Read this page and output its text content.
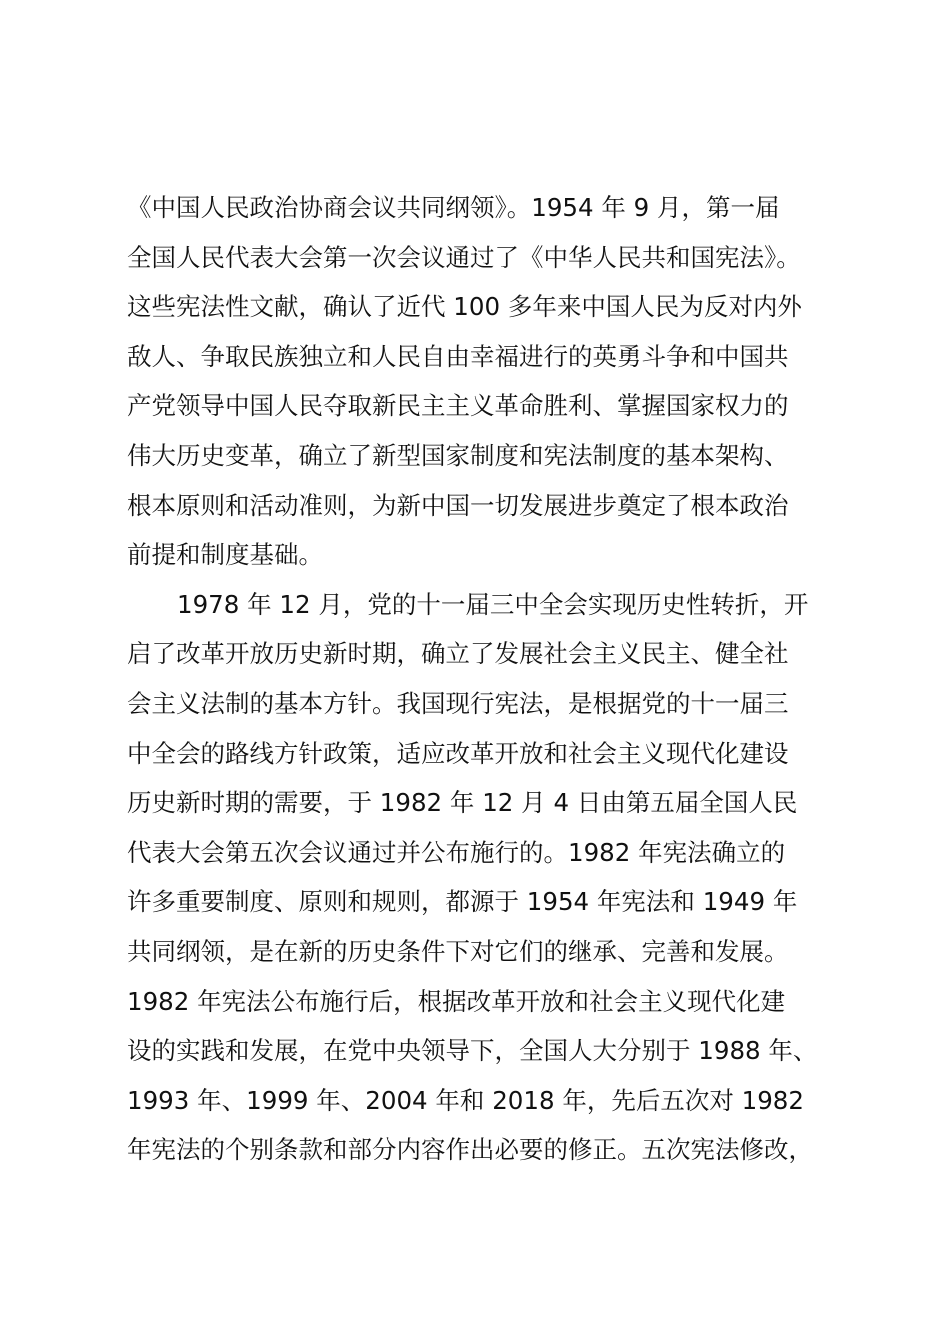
《中国人民政治协商会议共同纲领》。1954 年 9 月，第一届
全国人民代表大会第一次会议通过了《中华人民共和国宪法》。
这些宪法性文献，确认了近代 100 多年来中国人民为反对内外
敌人、争取民族独立和人民自由幸福进行的英勇斗争和中国共
产党领导中国人民夺取新民主主义革命胜利、掌握国家权力的
伟大历史变革，确立了新型国家制度和宪法制度的基本架构、
根本原则和活动准则，为新中国一切发展进步奠定了根本政治
前提和制度基础。
1978 年 12 月，党的十一届三中全会实现历史性转折，开
启了改革开放历史新时期，确立了发展社会主义民主、健全社
会主义法制的基本方针。我国现行宪法，是根据党的十一届三
中全会的路线方针政策，适应改革开放和社会主义现代化建设
历史新时期的需要，于 1982 年 12 月 4 日由第五届全国人民
代表大会第五次会议通过并公布施行的。1982 年宪法确立的
许多重要制度、原则和规则，都源于 1954 年宪法和 1949 年
共同纲领，是在新的历史条件下对它们的继承、完善和发展。
1982 年宪法公布施行后，根据改革开放和社会主义现代化建
设的实践和发展，在党中央领导下，全国人大分别于 1988 年、
1993 年、1999 年、2004 年和 2018 年，先后五次对 1982
年宪法的个别条款和部分内容作出必要的修正。五次宪法修改，
